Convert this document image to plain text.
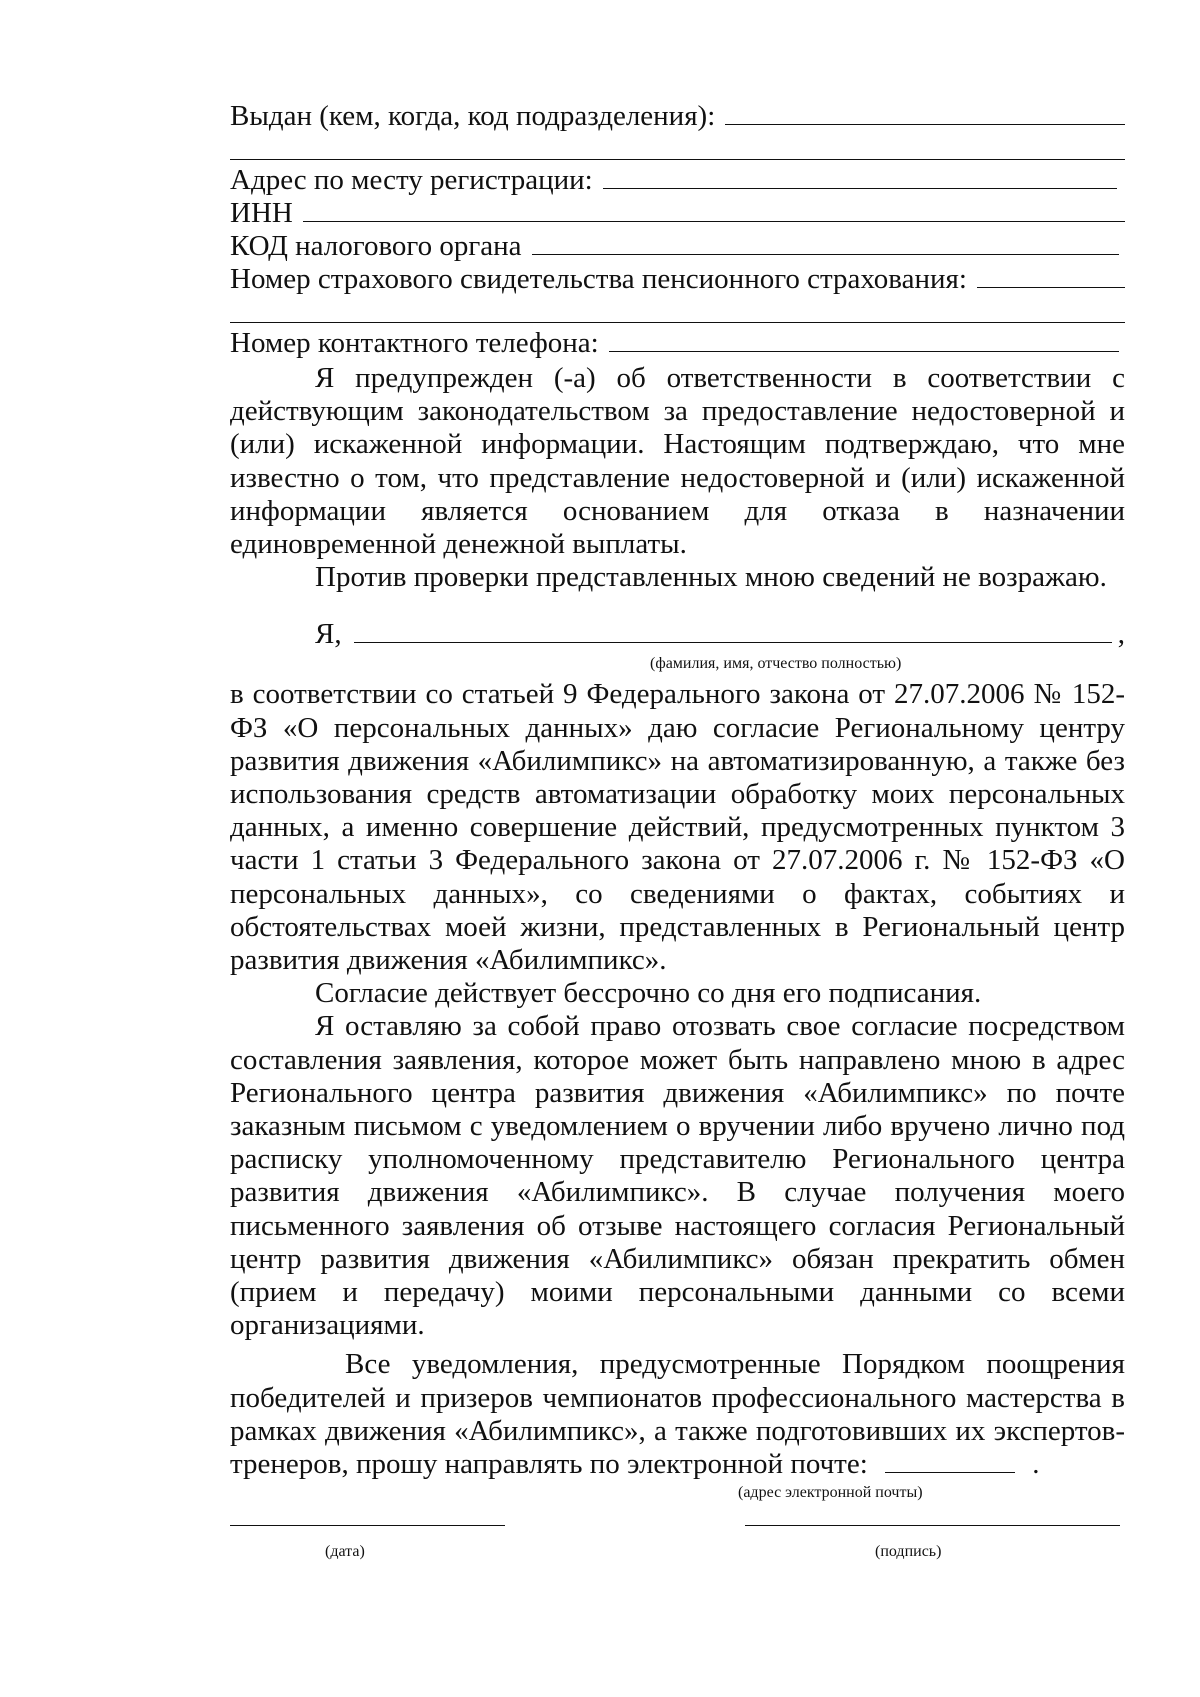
Выдан (кем, когда, код подразделения):
Адрес по месту регистрации:
ИНН
КОД налогового органа
Номер страхового свидетельства пенсионного страхования:
Номер контактного телефона:

Я предупрежден (-а) об ответственности в соответствии с действующим законодательством за предоставление недостоверной и (или) искаженной информации. Настоящим подтверждаю, что мне известно о том, что представление недостоверной и (или) искаженной информации является основанием для отказа в назначении единовременной денежной выплаты.

Против проверки представленных мною сведений не возражаю.

Я,	,
(фамилия, имя, отчество полностью)

в соответствии со статьей 9 Федерального закона от 27.07.2006 № 152-ФЗ «О персональных данных» даю согласие Региональному центру развития движения «Абилимпикс» на автоматизированную, а также без использования средств автоматизации обработку моих персональных данных, а именно совершение действий, предусмотренных пунктом 3 части 1 статьи 3 Федерального закона от 27.07.2006 г. № 152-ФЗ «О персональных данных», со сведениями о фактах, событиях и обстоятельствах моей жизни, представленных в Региональный центр развития движения «Абилимпикс».

Согласие действует бессрочно со дня его подписания.

Я оставляю за собой право отозвать свое согласие посредством составления заявления, которое может быть направлено мною в адрес Регионального центра развития движения «Абилимпикс» по почте заказным письмом с уведомлением о вручении либо вручено лично под расписку уполномоченному представителю Регионального центра развития движения «Абилимпикс». В случае получения моего письменного заявления об отзыве настоящего согласия Региональный центр развития движения «Абилимпикс» обязан прекратить обмен (прием и передачу) моими персональными данными со всеми организациями.

Все уведомления, предусмотренные Порядком поощрения победителей и призеров чемпионатов профессионального мастерства в рамках движения «Абилимпикс», а также подготовивших их экспертов-тренеров, прошу направлять по электронной почте:	.

(адрес электронной почты)
(дата)	(подпись)
